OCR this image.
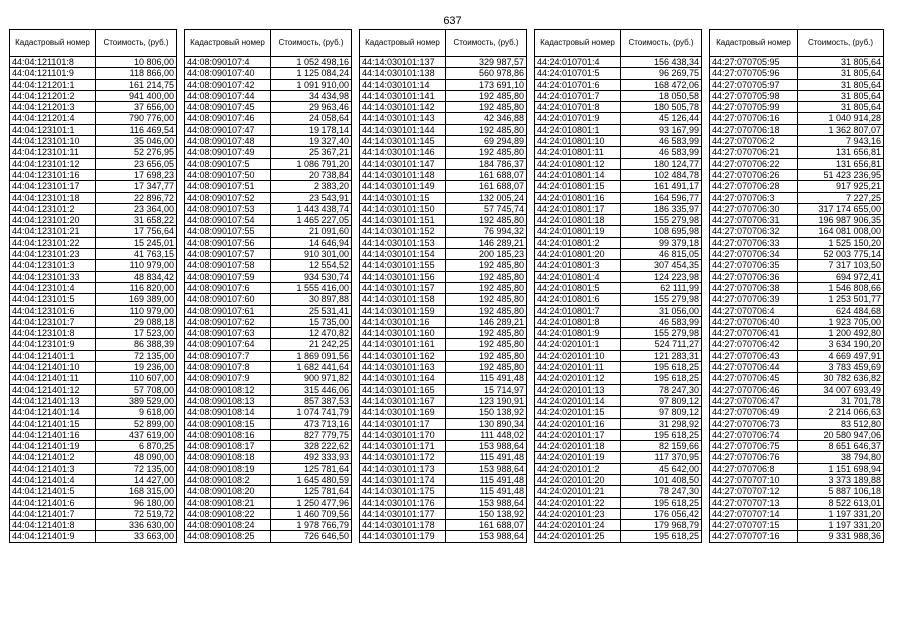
637
Кадастровый номер	Стоимость, (руб.)
44:04:121101:8	10 806,00
44:04:121101:9	118 866,00
44:04:121201:1	161 214,75
44:04:121201:2	941 400,00
44:04:121201:3	37 656,00
44:04:121201:4	790 776,00
44:04:123101:1	116 469,54
44:04:123101:10	35 046,00
44:04:123101:11	52 276,95
44:04:123101:12	23 656,05
44:04:123101:16	17 698,23
44:04:123101:17	17 347,77
44:04:123101:18	22 896,72
44:04:123101:2	23 364,00
44:04:123101:20	31 658,22
44:04:123101:21	17 756,64
44:04:123101:22	15 245,01
44:04:123101:23	41 763,15
44:04:123101:3	110 979,00
44:04:123101:33	48 834,42
44:04:123101:4	116 820,00
44:04:123101:5	169 389,00
44:04:123101:6	110 979,00
44:04:123101:7	29 088,18
44:04:123101:8	17 523,00
44:04:123101:9	86 388,39
44:04:121401:1	72 135,00
44:04:121401:10	19 236,00
44:04:121401:11	110 607,00
44:04:121401:12	57 708,00
44:04:121401:13	389 529,00
44:04:121401:14	9 618,00
44:04:121401:15	52 899,00
44:04:121401:16	437 619,00
44:04:121401:19	6 870,25
44:04:121401:2	48 090,00
44:04:121401:3	72 135,00
44:04:121401:4	14 427,00
44:04:121401:5	168 315,00
44:04:121401:6	96 180,00
44:04:121401:7	72 519,72
44:04:121401:8	336 630,00
44:04:121401:9	33 663,00
Кадастровый номер	Стоимость, (руб.)
44:08:090107:4	1 052 498,16
44:08:090107:40	1 125 084,24
44:08:090107:42	1 091 910,00
44:08:090107:44	34 434,98
44:08:090107:45	29 963,46
44:08:090107:46	24 058,64
44:08:090107:47	19 178,14
44:08:090107:48	19 327,40
44:08:090107:49	25 367,21
44:08:090107:5	1 086 791,20
44:08:090107:50	20 738,84
44:08:090107:51	2 383,20
44:08:090107:52	23 543,91
44:08:090107:53	1 443 438,74
44:08:090107:54	1 465 227,05
44:08:090107:55	21 091,60
44:08:090107:56	14 646,94
44:08:090107:57	910 301,00
44:08:090107:58	12 554,52
44:08:090107:59	934 530,74
44:08:090107:6	1 555 416,00
44:08:090107:60	30 897,88
44:08:090107:61	25 531,41
44:08:090107:62	15 735,00
44:08:090107:63	12 470,82
44:08:090107:64	21 242,25
44:08:090107:7	1 869 091,56
44:08:090107:8	1 682 441,64
44:08:090107:9	900 971,82
44:08:090108:12	315 446,06
44:08:090108:13	857 387,53
44:08:090108:14	1 074 741,79
44:08:090108:15	473 713,16
44:08:090108:16	827 779,75
44:08:090108:17	328 222,62
44:08:090108:18	492 333,93
44:08:090108:19	125 781,64
44:08:090108:2	1 645 480,59
44:08:090108:20	125 781,64
44:08:090108:21	1 250 477,96
44:08:090108:22	1 460 709,56
44:08:090108:24	1 978 766,79
44:08:090108:25	726 646,50
Кадастровый номер	Стоимость, (руб.)
44:14:030101:137	329 987,57
44:14:030101:138	560 978,86
44:14:030101:14	173 691,10
44:14:030101:141	192 485,80
44:14:030101:142	192 485,80
44:14:030101:143	42 346,88
44:14:030101:144	192 485,80
44:14:030101:145	69 294,89
44:14:030101:146	192 485,80
44:14:030101:147	184 786,37
44:14:030101:148	161 688,07
44:14:030101:149	161 688,07
44:14:030101:15	132 005,24
44:14:030101:150	57 745,74
44:14:030101:151	192 485,80
44:14:030101:152	76 994,32
44:14:030101:153	146 289,21
44:14:030101:154	200 185,23
44:14:030101:155	192 485,80
44:14:030101:156	192 485,80
44:14:030101:157	192 485,80
44:14:030101:158	192 485,80
44:14:030101:159	192 485,80
44:14:030101:16	146 289,21
44:14:030101:160	192 485,80
44:14:030101:161	192 485,80
44:14:030101:162	192 485,80
44:14:030101:163	192 485,80
44:14:030101:164	115 491,48
44:14:030101:165	15 714,97
44:14:030101:167	123 190,91
44:14:030101:169	150 138,92
44:14:030101:17	130 890,34
44:14:030101:170	111 448,02
44:14:030101:171	153 988,64
44:14:030101:172	115 491,48
44:14:030101:173	153 988,64
44:14:030101:174	115 491,48
44:14:030101:175	115 491,48
44:14:030101:176	153 988,64
44:14:030101:177	150 138,92
44:14:030101:178	161 688,07
44:14:030101:179	153 988,64
Кадастровый номер	Стоимость, (руб.)
44:24:010701:4	156 438,34
44:24:010701:5	96 269,75
44:24:010701:6	168 472,06
44:24:010701:7	18 050,58
44:24:010701:8	180 505,78
44:24:010701:9	45 126,44
44:24:010801:1	93 167,99
44:24:010801:10	46 583,99
44:24:010801:11	46 583,99
44:24:010801:12	180 124,77
44:24:010801:14	102 484,78
44:24:010801:15	161 491,17
44:24:010801:16	164 596,77
44:24:010801:17	186 335,97
44:24:010801:18	155 279,98
44:24:010801:19	108 695,98
44:24:010801:2	99 379,18
44:24:010801:20	46 815,05
44:24:010801:3	307 454,35
44:24:010801:4	124 223,98
44:24:010801:5	62 111,99
44:24:010801:6	155 279,98
44:24:010801:7	31 056,00
44:24:010801:8	46 583,99
44:24:010801:9	155 279,98
44:24:020101:1	524 711,27
44:24:020101:10	121 283,31
44:24:020101:11	195 618,25
44:24:020101:12	195 618,25
44:24:020101:13	78 247,30
44:24:020101:14	97 809,12
44:24:020101:15	97 809,12
44:24:020101:16	31 298,92
44:24:020101:17	195 618,25
44:24:020101:18	82 159,66
44:24:020101:19	117 370,95
44:24:020101:2	45 642,00
44:24:020101:20	101 408,50
44:24:020101:21	78 247,30
44:24:020101:22	195 618,25
44:24:020101:23	176 056,42
44:24:020101:24	179 968,79
44:24:020101:25	195 618,25
Кадастровый номер	Стоимость, (руб.)
44:27:070705:95	31 805,64
44:27:070705:96	31 805,64
44:27:070705:97	31 805,64
44:27:070705:98	31 805,64
44:27:070705:99	31 805,64
44:27:070706:16	1 040 914,28
44:27:070706:18	1 362 807,07
44:27:070706:2	7 943,16
44:27:070706:21	131 656,81
44:27:070706:22	131 656,81
44:27:070706:26	51 423 236,95
44:27:070706:28	917 925,21
44:27:070706:3	7 227,25
44:27:070706:30	317 174 655,00
44:27:070706:31	196 987 906,35
44:27:070706:32	164 081 008,00
44:27:070706:33	1 525 150,20
44:27:070706:34	52 003 775,14
44:27:070706:35	7 317 103,50
44:27:070706:36	694 972,41
44:27:070706:38	1 546 808,66
44:27:070706:39	1 253 501,77
44:27:070706:4	624 484,68
44:27:070706:40	1 923 705,00
44:27:070706:41	1 200 492,80
44:27:070706:42	3 634 190,20
44:27:070706:43	4 669 497,91
44:27:070706:44	3 783 459,69
44:27:070706:45	30 782 636,82
44:27:070706:46	34 007 693,49
44:27:070706:47	31 701,78
44:27:070706:49	2 214 066,63
44:27:070706:73	83 512,80
44:27:070706:74	20 580 947,06
44:27:070706:75	8 651 646,37
44:27:070706:76	38 794,80
44:27:070706:8	1 151 698,94
44:27:070707:10	3 373 189,88
44:27:070707:12	5 887 106,18
44:27:070707:13	8 522 613,01
44:27:070707:14	1 197 331,20
44:27:070707:15	1 197 331,20
44:27:070707:16	9 331 988,36
